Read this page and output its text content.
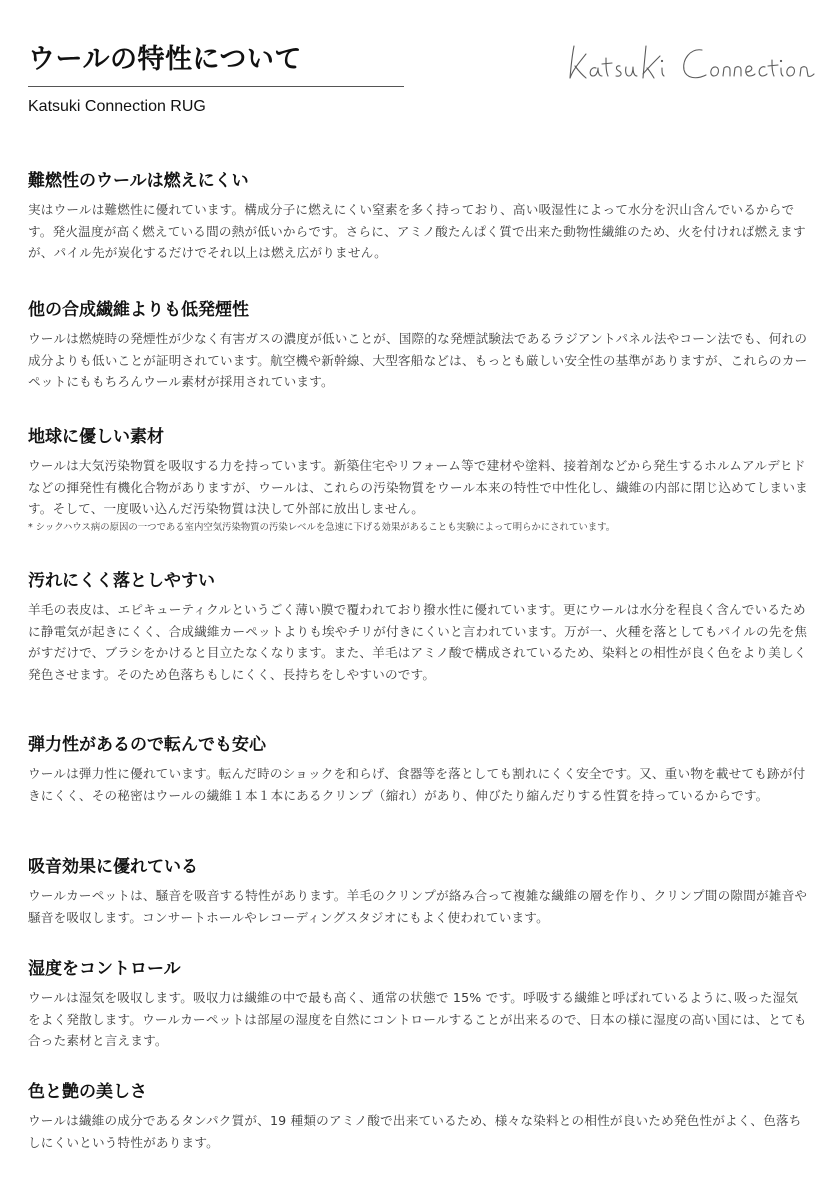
ウールの特性について

Katsuki Connection RUG

難燃性のウールは燃えにくい

実はウールは難燃性に優れています。構成分子に燃えにくい窒素を多く持っており、高い吸湿性によって水分を沢山含んでいるからです。発火温度が高く燃えている間の熱が低いからです。さらに、アミノ酸たんぱく質で出来た動物性繊維のため、火を付ければ燃えますが、パイル先が炭化するだけでそれ以上は燃え広がりません。

他の合成繊維よりも低発煙性

ウールは燃焼時の発煙性が少なく有害ガスの濃度が低いことが、国際的な発煙試験法であるラジアントパネル法やコーン法でも、何れの成分よりも低いことが証明されています。航空機や新幹線、大型客船などは、もっとも厳しい安全性の基準がありますが、これらのカーペットにももちろんウール素材が採用されています。

地球に優しい素材

ウールは大気汚染物質を吸収する力を持っています。新築住宅やリフォーム等で建材や塗料、接着剤などから発生するホルムアルデヒドなどの揮発性有機化合物がありますが、ウールは、これらの汚染物質をウール本来の特性で中性化し、繊維の内部に閉じ込めてしまいます。そして、一度吸い込んだ汚染物質は決して外部に放出しません。

* シックハウス病の原因の一つである室内空気汚染物質の汚染レベルを急速に下げる効果があることも実験によって明らかにされています。

汚れにくく落としやすい

羊毛の表皮は、エピキューティクルというごく薄い膜で覆われており撥水性に優れています。更にウールは水分を程良く含んでいるために静電気が起きにくく、合成繊維カーペットよりも埃やチリが付きにくいと言われています。万が一、火種を落としてもパイルの先を焦がすだけで、ブラシをかけると目立たなくなります。また、羊毛はアミノ酸で構成されているため、染料との相性が良く色をより美しく発色させます。そのため色落ちもしにくく、長持ちをしやすいのです。

弾力性があるので転んでも安心

ウールは弾力性に優れています。転んだ時のショックを和らげ、食器等を落としても割れにくく安全です。又、重い物を載せても跡が付きにくく、その秘密はウールの繊維１本１本にあるクリンプ（縮れ）があり、伸びたり縮んだりする性質を持っているからです。

吸音効果に優れている

ウールカーペットは、騒音を吸音する特性があります。羊毛のクリンプが絡み合って複雑な繊維の層を作り、クリンプ間の隙間が雑音や騒音を吸収します。コンサートホールやレコーディングスタジオにもよく使われています。

湿度をコントロール

ウールは湿気を吸収します。吸収力は繊維の中で最も高く、通常の状態で 15% です。呼吸する繊維と呼ばれているように､吸った湿気をよく発散します。ウールカーペットは部屋の湿度を自然にコントロールすることが出来るので、日本の様に湿度の高い国には、とても合った素材と言えます。

色と艶の美しさ

ウールは繊維の成分であるタンパク質が、19 種類のアミノ酸で出来ているため、様々な染料との相性が良いため発色性がよく、色落ちしにくいという特性があります。
